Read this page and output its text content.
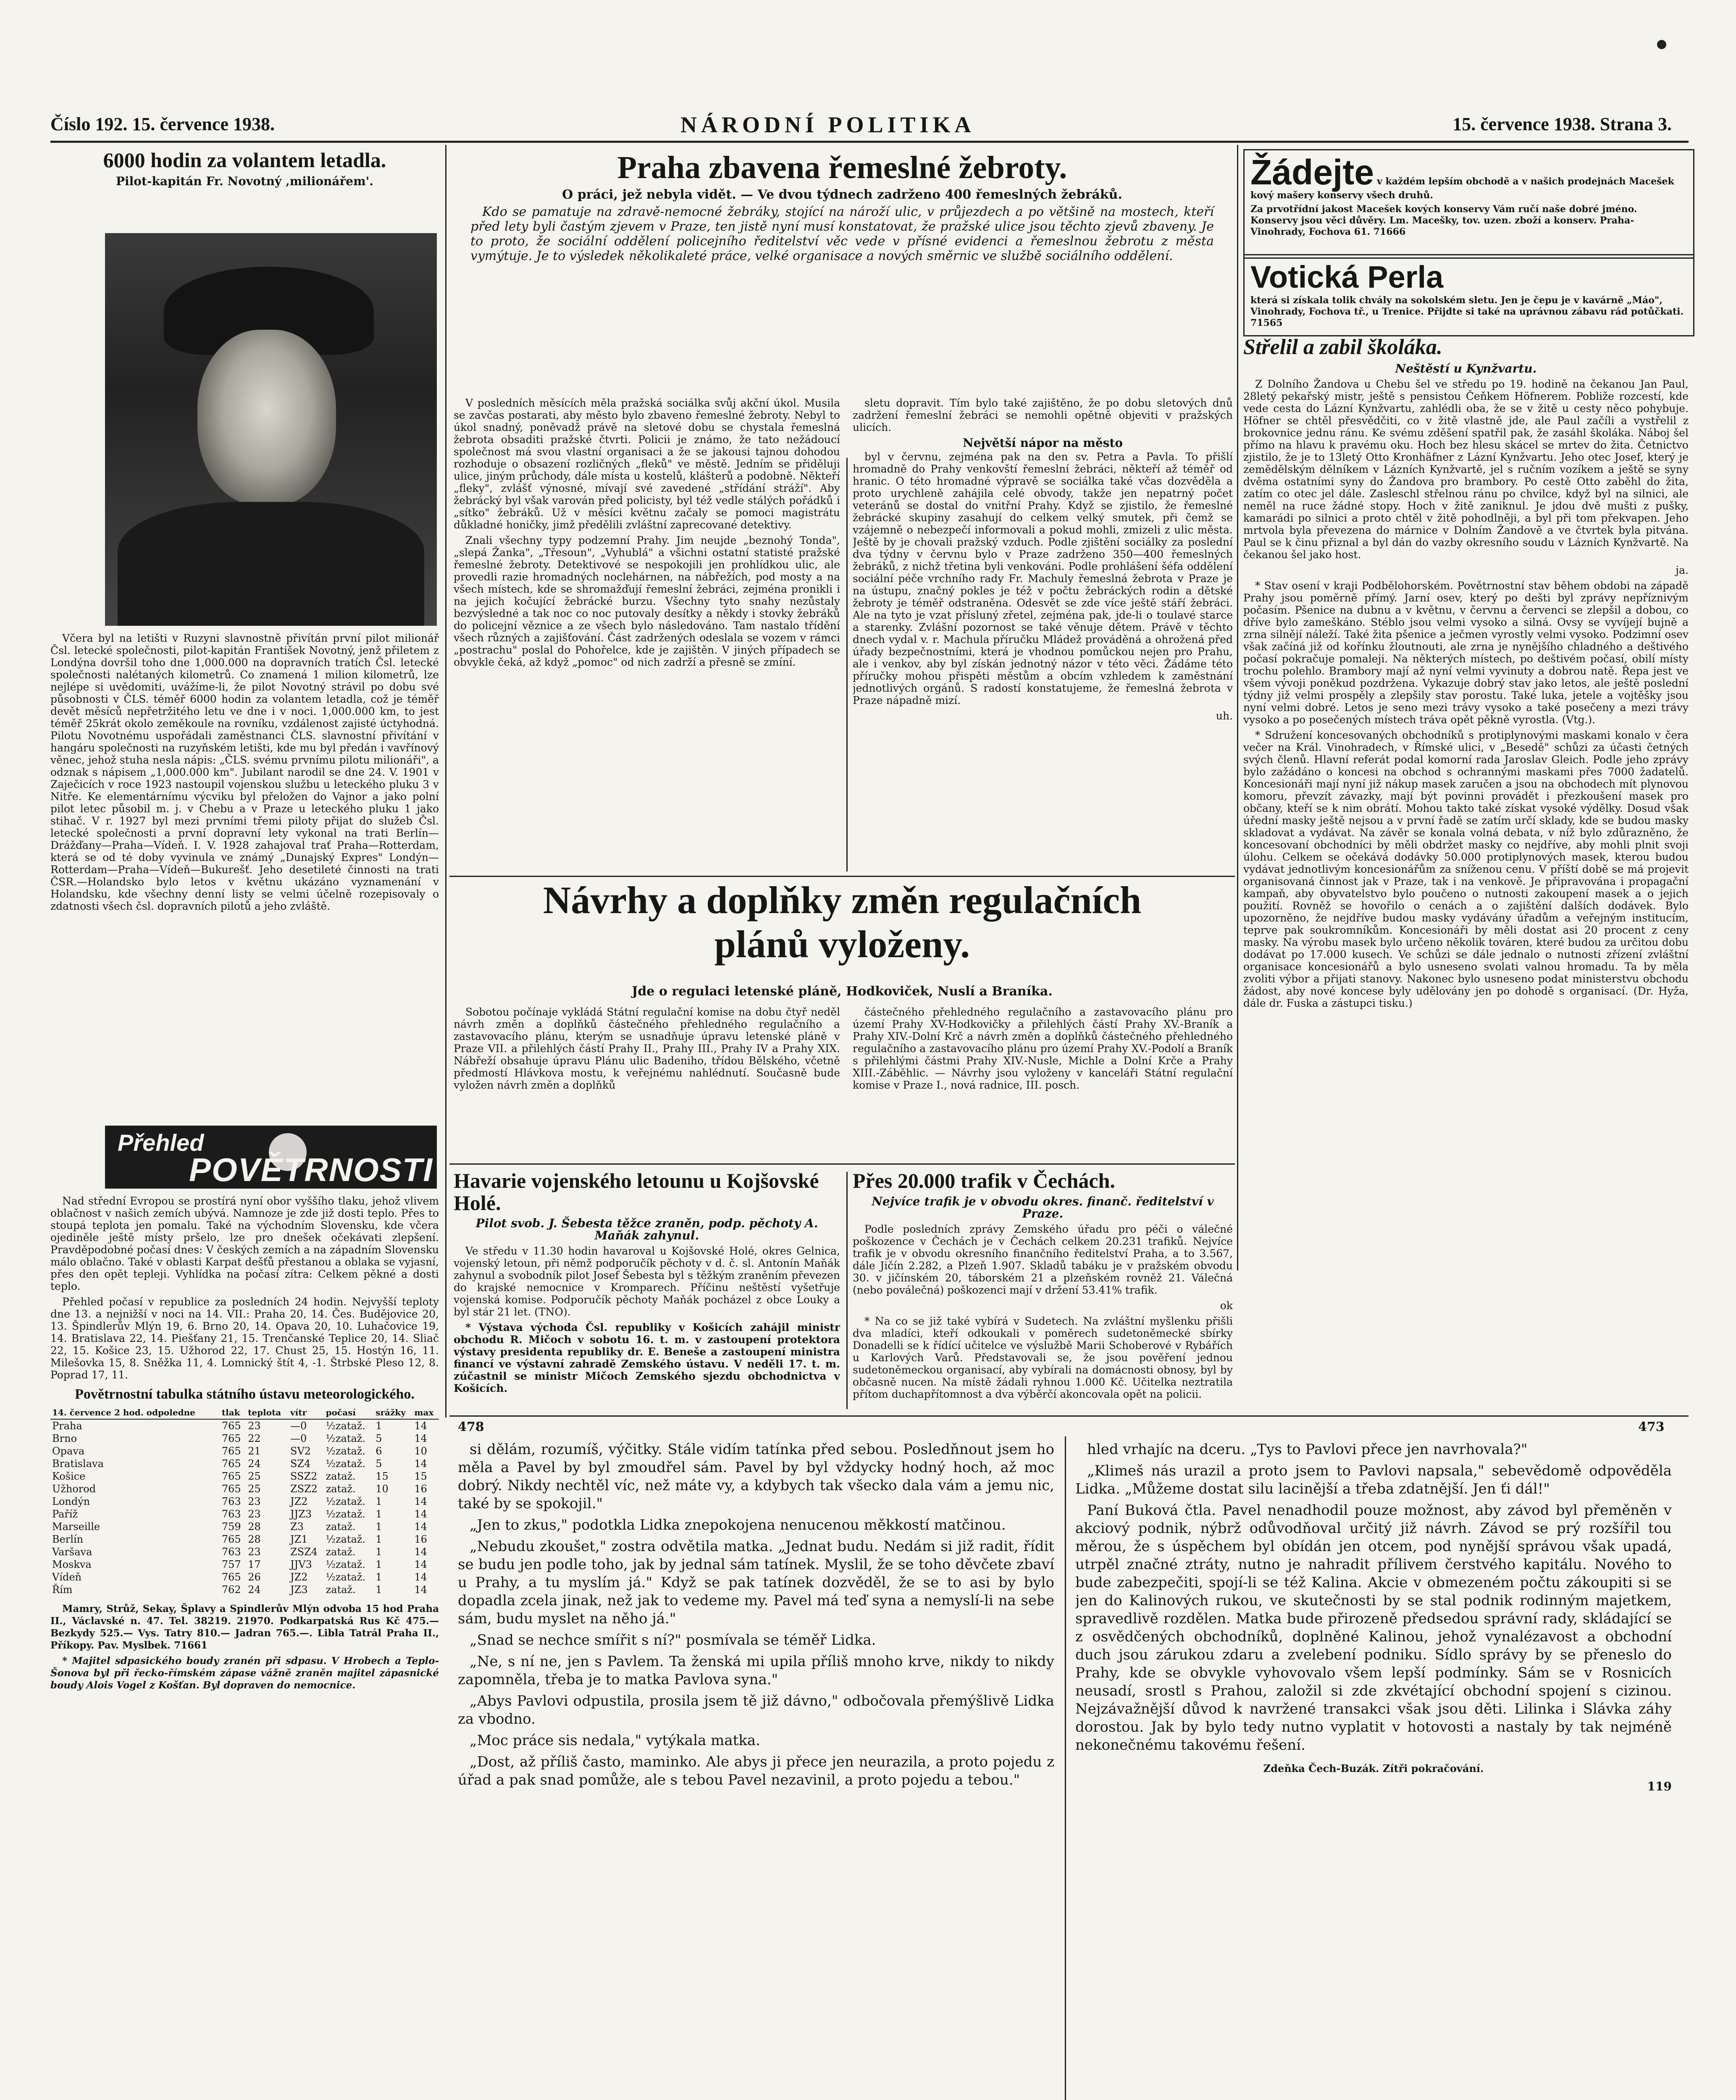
Číslo 192. 15. července 1938.	NÁRODNÍ POLITIKA	15. července 1938. Strana 3.

6000 hodin za volantem letadla.

Pilot-kapitán Fr. Novotný ‚milionářem'.

Včera byl na letišti v Ruzyni slavnostně přivítán první pilot milionář Čsl. letecké společnosti, pilot-kapitán František Novotný, jenž přiletem z Londýna dovršil toho dne 1,000.000 na dopravních tratích Čsl. letecké společnosti nalétaných kilometrů. Co znamená 1 milion kilometrů, lze nejlépe si uvědomiti, uvážíme-li, že pilot Novotný strávil po dobu své působnosti v ČLS. téměř 6000 hodin za volantem letadla, což je téměř devět měsíců nepřetržitého letu ve dne i v noci. 1,000.000 km, to jest téměř 25krát okolo zeměkoule na rovníku, vzdálenost zajisté úctyhodná. Pilotu Novotnému uspořádali zaměstnanci ČLS. slavnostní přivítání v hangáru společnosti na ruzyňském letišti, kde mu byl předán i vavřínový věnec, jehož stuha nesla nápis: „ČLS. svému prvnímu pilotu milionáři", a odznak s nápisem „1,000.000 km". Jubilant narodil se dne 24. V. 1901 v Zaječicích v roce 1923 nastoupil vojenskou službu u leteckého pluku 3 v Nitře. Ke elementárnímu výcviku byl přeložen do Vajnor a jako polní pilot letec působil m. j. v Chebu a v Praze u leteckého pluku 1 jako stihač. V r. 1927 byl mezi prvními třemi piloty přijat do služeb Čsl. letecké společnosti a první dopravní lety vykonal na trati Berlín—Drážďany—Praha—Vídeň. I. V. 1928 zahajoval trať Praha—Rotterdam, která se od té doby vyvinula ve známý „Dunajský Expres" Londýn—Rotterdam—Praha—Vídeň—Bukurešť. Jeho desetileté činnosti na trati ČSR.—Holandsko bylo letos v květnu ukázáno vyznamenání v Holandsku, kde všechny denní listy se velmi účelně rozepisovaly o zdatnosti všech čsl. dopravních pilotů a jeho zvláště.

Přehled
POVĚTRNOSTI

Nad střední Evropou se prostírá nyní obor vyššího tlaku, jehož vlivem oblačnost v našich zemích ubývá. Namnoze je zde již dosti teplo. Přes to stoupá teplota jen pomalu. Také na východním Slovensku, kde včera ojediněle ještě místy pršelo, lze pro dnešek očekávati zlepšení. Pravděpodobné počasí dnes: V českých zemích a na západním Slovensku málo oblačno. Také v oblasti Karpat dešťů přestanou a oblaka se vyjasní, přes den opět tepleji. Vyhlídka na počasí zítra: Celkem pěkné a dosti teplo.

Přehled počasí v republice za posledních 24 hodin. Nejvyšší teploty dne 13. a nejnižší v noci na 14. VII.: Praha 20, 14. Čes. Budějovice 20, 13. Špindlerův Mlýn 19, 6. Brno 20, 14. Opava 20, 10. Luhačovice 19, 14. Bratislava 22, 14. Piešťany 21, 15. Trenčanské Teplice 20, 14. Sliač 22, 15. Košice 23, 15. Užhorod 22, 17. Chust 25, 15. Hostýn 16, 11. Milešovka 15, 8. Sněžka 11, 4. Lomnický štít 4, -1. Štrbské Pleso 12, 8. Poprad 17, 11.

Povětrnostní tabulka státního ústavu meteorologického.

14. července 2 hod. odpoledne	tlak	teplota	vítr	počasí	srážky	max
Praha	765	23	—0	½zataž.	1	14
Brno	765	22	—0	½zataž.	5	14
Opava	765	21	SV2	½zataž.	6	10
Bratislava	765	24	SZ4	½zataž.	5	14
Košice	765	25	SSZ2	zataž.	15	15
Užhorod	765	25	ZSZ2	zataž.	10	16
Londýn	763	23	JZ2	½zataž.	1	14
Paříž	763	23	JJZ3	½zataž.	1	14
Marseille	759	28	Z3	zataž.	1	14
Berlín	765	28	JZ1	½zataž.	1	16
Varšava	763	23	ZSZ4	zataž.	1	14
Moskva	757	17	JJV3	½zataž.	1	14
Vídeň	765	26	JZ2	½zataž.	1	14
Řím	762	24	JZ3	zataž.	1	14

Mamry, Strůž, Sekay, Šplavy a Spindlerův Mlýn odvoba 15 hod Praha II., Václavské n. 47. Tel. 38219. 21970. Podkarpatská Rus Kč 475.— Bezkydy 525.— Vys. Tatry 810.— Jadran 765.—. Libla Tatrál Praha II., Příkopy. Pav. Myslbek. 71661

* Majitel sdpasického boudy zranén při sdpasu. V Hrobech a Teplo-Šonova byl při řecko-římském zápase vážně zraněn majitel zápasnické boudy Alois Vogel z Košťan. Byl dopraven do nemocnice.

Praha zbavena řemeslné žebroty.

O práci, jež nebyla vidět. — Ve dvou týdnech zadrženo 400 řemeslných žebráků.

Kdo se pamatuje na zdravě-nemocné žebráky, stojící na nároží ulic, v průjezdech a po většině na mostech, kteří před lety byli častým zjevem v Praze, ten jistě nyní musí konstatovat, že pražské ulice jsou těchto zjevů zbaveny. Je to proto, že sociální oddělení policejního ředitelství věc vede v přísné evidenci a řemeslnou žebrotu z města vymýtuje. Je to výsledek několikaleté práce, velké organisace a nových směrnic ve službě sociálního oddělení.

V posledních měsících měla pražská sociálka svůj akční úkol. Musila se zavčas postarati, aby město bylo zbaveno řemeslné žebroty. Nebyl to úkol snadný, poněvadž právě na sletové dobu se chystala řemeslná žebrota obsaditi pražské čtvrti. Policii je známo, že tato nežádoucí společnost má svou vlastní organisaci a že se jakousi tajnou dohodou rozhoduje o obsazení rozličných „fleků" ve městě. Jedním se přiděluji ulice, jiným průchody, dále místa u kostelů, klášterů a podobně. Někteří „fleky", zvlášť výnosné, mívají své zavedené „střídání stráží". Aby žebrácký byl však varován před policisty, byl též vedle stálých pořádků i „sítko" žebráků. Už v měsíci květnu začaly se pomoci magistrátu důkladné honičky, jimž předělili zvláštní zaprecované detektivy.

Znali všechny typy podzemní Prahy. Jim neujde „beznohý Tonda", „slepá Žanka", „Třesoun", „Vyhublá" a všichni ostatní statisté pražské řemeslné žebroty. Detektivové se nespokojili jen prohlídkou ulic, ale provedli razie hromadných noclehárnen, na nábřežích, pod mosty a na všech místech, kde se shromažďují řemeslní žebráci, zejména pronikli i na jejich kočující žebrácké burzu. Všechny tyto snahy nezůstaly bezvýsledné a tak noc co noc putovaly desítky a někdy i stovky žebráků do policejní věznice a ze všech bylo následováno. Tam nastalo třídění všech různých a zajišťování. Část zadržených odeslala se vozem v rámci „postrachu" poslal do Pohořelce, kde je zajištěn. V jiných případech se obvykle čeká, až když „pomoc" od nich zadrží a přesně se zmíní.

sletu dopravit. Tím bylo také zajištěno, že po dobu sletových dnů zadržení řemeslní žebráci se nemohli opětně objeviti v pražských ulicích.

Největší nápor na město

byl v červnu, zejména pak na den sv. Petra a Pavla. To přišlí hromadně do Prahy venkovští řemeslní žebráci, někteří až téměř od hranic. O této hromadné výpravě se sociálka také včas dozvěděla a proto urychleně zahájila celé obvody, takže jen nepatrný počet veteránů se dostal do vnitřní Prahy. Když se zjistilo, že řemeslné žebrácké skupiny zasahují do celkem velký smutek, při čemž se vzájemně o nebezpečí informovali a pokud mohli, zmizeli z ulic města. Ještě by je chovali pražský vzduch. Podle zjištění sociálky za poslední dva týdny v červnu bylo v Praze zadrženo 350—400 řemeslných žebráků, z nichž třetina byli venkováni. Podle prohlášení šéfa oddělení sociální péče vrchního rady Fr. Machuly řemeslná žebrota v Praze je na ústupu, značný pokles je též v počtu žebráckých rodin a dětské žebroty je téměř odstraněna. Odesvět se zde více ještě stáří žebráci. Ale na tyto je vzat přísluný zřetel, zejména pak, jde-li o toulavé starce a starenky. Zvlášní pozornost se také věnuje dětem. Právě v těchto dnech vydal v. r. Machula příručku Mládež prováděná a ohrožená před úřady bezpečnostními, která je vhodnou pomůckou nejen pro Prahu, ale i venkov, aby byl získán jednotný názor v této věci. Žádáme této příručky mohou přispěti městům a obcím vzhledem k zaměstnání jednotlivých orgánů. S radostí konstatujeme, že řemeslná žebrota v Praze nápadně mizí.

uh.

Návrhy a doplňky změn regulačních

plánů vyloženy.

Jde o regulaci letenské pláně, Hodkoviček, Nuslí a Braníka.

Sobotou počínaje vykládá Státní regulační komise na dobu čtyř neděl návrh změn a doplňků částečného přehledného regulačního a zastavovacího plánu, kterým se usnadňuje úpravu letenské pláně v Praze VII. a přilehlých částí Prahy II., Prahy III., Prahy IV a Prahy XIX. Nábřeží obsahuje úpravu Plánu ulic Badeniho, třídou Bělského, včetně předmostí Hlávkova mostu, k veřejnému nahlédnutí. Současně bude vyložen návrh změn a doplňků

částečného přehledného regulačního a zastavovacího plánu pro území Prahy XV-Hodkovičky a přilehlých částí Prahy XV.-Braník a Prahy XIV.-Dolní Krč a návrh změn a doplňků částečného přehledného regulačního a zastavovacího plánu pro území Prahy XV.-Podolí a Braník s přilehlými částmi Prahy XIV.-Nusle, Michle a Dolní Krče a Prahy XIII.-Záběhlic. — Návrhy jsou vyloženy v kanceláři Státní regulační komise v Praze I., nová radnice, III. posch.

Havarie vojenského letounu u Kojšovské Holé.

Pilot svob. J. Šebesta těžce zraněn, podp. pěchoty A. Maňák zahynul.

Ve středu v 11.30 hodin havaroval u Kojšovské Holé, okres Gelnica, vojenský letoun, při němž podporučík pěchoty v d. č. sl. Antonín Maňák zahynul a svobodník pilot Josef Šebesta byl s těžkým zraněním převezen do krajské nemocnice v Kromparech. Příčinu neštěstí vyšetřuje vojenská komise. Podporučík pěchoty Maňák pocházel z obce Louky a byl stár 21 let. (TNO).

* Výstava východa Čsl. republiky v Košicích zahájil ministr obchodu R. Mičoch v sobotu 16. t. m. v zastoupení protektora výstavy presidenta republiky dr. E. Beneše a zastoupení ministra financí ve výstavní zahradě Zemského ústavu. V neděli 17. t. m. zúčastnil se ministr Mičoch Zemského sjezdu obchodnictva v Košicích.

Přes 20.000 trafik v Čechách.

Nejvíce trafik je v obvodu okres. finanč. ředitelství v Praze.

Podle posledních zprávy Zemského úřadu pro péči o válečné poškozence v Čechách je v Čechách celkem 20.231 trafiků. Nejvíce trafik je v obvodu okresního finančního ředitelství Praha, a to 3.567, dále Jičín 2.282, a Plzeň 1.907. Skladů tabáku je v pražském obvodu 30. v jičínském 20, táborském 21 a plzeňském rovněž 21. Válečná (nebo poválečná) poškozenci mají v držení 53.41% trafik.

ok

* Na co se již také vybírá v Sudetech. Na zvláštní myšlenku přišli dva mladíci, kteří odkoukali v poměrech sudetoněmecké sbírky Donadelli se k řídící učitelce ve výslužbě Marii Schoberové v Rybářích u Karlových Varů. Představovali se, že jsou pověření jednou sudetoněmeckou organisací, aby vybírali na domácnosti obnosy, byl by občasně nucen. Na místě žádali ryhnou 1.000 Kč. Učitelka neztratila přítom duchapřítomnost a dva výběrčí akoncovala opět na policii.

Žádejte v každém lepším obchodě a v našich prodejnách Macešek kový mašery konservy všech druhů.
Za prvotřídní jakost Macešek kových konservy Vám ručí naše dobré jméno. Konservy jsou věci důvěry. Lm. Macešky, tov. uzen. zboží a konserv. Praha-Vinohrady, Fochova 61. 71666
Votická Perla
která si získala tolik chvály na sokolském sletu. Jen je čepu je v kavárně „Máo", Vinohrady, Fochova tř., u Trenice. Přijdte si také na uprávnou zábavu rád potůčkati. 71565

Střelil a zabil školáka.

Neštěstí u Kynžvartu.

Z Dolního Žandova u Chebu šel ve středu po 19. hodině na čekanou Jan Paul, 28letý pekařský mistr, ještě s pensistou Čeňkem Höfnerem. Pobliže rozcestí, kde vede cesta do Lázní Kynžvartu, zahlédli oba, že se v žitě u cesty něco pohybuje. Höfner se chtěl přesvědčiti, co v žitě vlastně jde, ale Paul začíli a vystřelil z brokovnice jednu ránu. Ke svému zděšení spatřil pak, že zasáhl školáka. Náboj šel přímo na hlavu k pravému oku. Hoch bez hlesu skácel se mrtev do žita. Četnictvo zjistilo, že je to 13letý Otto Kronhäfner z Lázní Kynžvartu. Jeho otec Josef, který je zemědělským dělníkem v Lázních Kynžvartě, jel s ručním vozíkem a ještě se syny dvěma ostatními syny do Žandova pro brambory. Po cestě Otto zaběhl do žita, zatím co otec jel dále. Zasleschl střelnou ránu po chvilce, když byl na silnici, ale neměl na ruce žádné stopy. Hoch v žitě zaniknul. Je jdou dvě mušti z pušky, kamarádi po silnici a proto chtěl v žitě pohodlněji, a byl při tom překvapen. Jeho mrtvola byla převezena do márnice v Dolním Žandově a ve čtvrtek byla pitvána. Paul se k činu přiznal a byl dán do vazby okresního soudu v Lázních Kynžvartě. Na čekanou šel jako host.

ja.

* Stav osení v kraji Podbělohorském. Povětrnostní stav během obdobi na západě Prahy jsou poměrně přímý. Jarní osev, který po dešti byl zprávy nepříznivým počasím. Pšenice na dubnu a v květnu, v červnu a červenci se zlepšil a dobou, co dříve bylo zameškáno. Stéblo jsou velmi vysoko a silná. Ovsy se vyvíjejí bujně a zrna silnějí náleží. Také žita pšenice a ječmen vyrostly velmi vysoko. Podzimní osev však začíná již od kořínku žloutnouti, ale zrna je nynějšího chladného a deštivého počasí pokračuje pomaleji. Na některých místech, po deštivém počasí, obilí místy trochu polehlo. Brambory mají až nyní velmi vyvinuty a dobrou natě. Řepa jest ve všem vývoji poněkud pozdržena. Vykazuje dobrý stav jako letos, ale ještě poslední týdny již velmi prospěly a zlepšily stav porostu. Také luka, jetele a vojtěšky jsou nyní velmi dobré. Letos je seno mezi trávy vysoko a také posečeny a mezi trávy vysoko a po posečených místech tráva opět pěkně vyrostla. (Vtg.).

* Sdružení koncesovaných obchodníků s protiplynovými maskami konalo v čera večer na Král. Vinohradech, v Římské ulici, v „Besedě" schůzi za účasti četných svých členů. Hlavní referát podal komorní rada Jaroslav Gleich. Podle jeho zprávy bylo zažádáno o koncesi na obchod s ochrannými maskami přes 7000 žadatelů. Koncesionáři mají nyní již nákup masek zaručen a jsou na obchodech mít plynovou komoru, převzít závazky, mají být povinni provádět i přezkoušení masek pro občany, kteří se k nim obrátí. Mohou takto také získat vysoké výdělky. Dosud však úřední masky ještě nejsou a v první řadě se zatím určí sklady, kde se budou masky skladovat a vydávat. Na závěr se konala volná debata, v níž bylo zdůrazněno, že koncesovaní obchodníci by měli obdržet masky co nejdříve, aby mohli plnit svoji úlohu. Celkem se očekává dodávky 50.000 protiplynových masek, kterou budou vydávat jednotlivým koncesionářům za sníženou cenu. V příští době se má projevit organisovaná činnost jak v Praze, tak i na venkově. Je připravována i propagační kampaň, aby obyvatelstvo bylo poučeno o nutnosti zakoupení masek a o jejich použití. Rovněž se hovořilo o cenách a o zajištění dalších dodávek. Bylo upozorněno, že nejdříve budou masky vydávány úřadům a veřejným institucím, teprve pak soukromníkům. Koncesionáři by měli dostat asi 20 procent z ceny masky. Na výrobu masek bylo určeno několik továren, které budou za určitou dobu dodávat po 17.000 kusech. Ve schůzi se dále jednalo o nutnosti zřízení zvláštní organisace koncesionářů a bylo usneseno svolati valnou hromadu. Ta by měla zvoliti výbor a přijati stanovy. Nakonec bylo usneseno podat ministerstvu obchodu žádost, aby nové koncese byly udělovány jen po dohodě s organisací. (Dr. Hyža, dále dr. Fuska a zástupci tisku.)

478	473

si dělám, rozumíš, výčitky. Stále vidím tatínka před sebou. Posledňnout jsem ho měla a Pavel by byl zmoudřel sám. Pavel by byl vždycky hodný hoch, až moc dobrý. Nikdy nechtěl víc, než máte vy, a kdybych tak všecko dala vám a jemu nic, také by se spokojil."

„Jen to zkus," podotkla Lidka znepokojena nenucenou měkkostí matčinou.

„Nebudu zkoušet," zostra odvětila matka. „Jednat budu. Nedám si již radit, řídit se budu jen podle toho, jak by jednal sám tatínek. Myslil, že se toho děvčete zbaví u Prahy, a tu myslím já." Když se pak tatínek dozvěděl, že se to asi by bylo dopadla zcela jinak, než jak to vedeme my. Pavel má teď syna a nemyslí-li na sebe sám, budu myslet na něho já."

„Snad se nechce smířit s ní?" posmívala se téměř Lidka.

„Ne, s ní ne, jen s Pavlem. Ta ženská mi upila příliš mnoho krve, nikdy to nikdy zapomněla, třeba je to matka Pavlova syna."

„Abys Pavlovi odpustila, prosila jsem tě již dávno," odbočovala přemýšlivě Lidka za vbodno.

„Moc práce sis nedala," vytýkala matka.

„Dost, až příliš často, maminko. Ale abys ji přece jen neurazila, a proto pojedu z úřad a pak snad pomůže, ale s tebou Pavel nezavinil, a proto pojedu a tebou."

hled vrhajíc na dceru. „Tys to Pavlovi přece jen navrhovala?"

„Klimeš nás urazil a proto jsem to Pavlovi napsala," sebevědomě odpověděla Lidka. „Můžeme dostat silu lacinější a třeba zdatnější. Jen ťi dál!"

Paní Buková čtla. Pavel nenadhodil pouze možnost, aby závod byl přeměněn v akciový podnik, nýbrž odůvodňoval určitý již návrh. Závod se prý rozšířil tou měrou, že s úspěchem byl obídán jen otcem, pod nynější správou však upadá, utrpěl značné ztráty, nutno je nahradit přílivem čerstvého kapitálu. Nového to bude zabezpečiti, spojí-li se též Kalina. Akcie v obmezeném počtu zákoupiti si se jen do Kalinových rukou, ve skutečnosti by se stal podnik rodinným majetkem, spravedlivě rozdělen. Matka bude přirozeně předsedou správní rady, skládající se z osvědčených obchodníků, doplněné Kalinou, jehož vynalézavost a obchodní duch jsou zárukou zdaru a zvelebení podniku. Sídlo správy by se přeneslo do Prahy, kde se obvykle vyhovovalo všem lepší podmínky. Sám se v Rosnicích neusadí, srostl s Prahou, založil si zde zkvétající obchodní spojení s cizinou. Nejzávažnější důvod k navržené transakci však jsou děti. Lilinka i Slávka záhy dorostou. Jak by bylo tedy nutno vyplatit v hotovosti a nastaly by tak nejméně nekonečnému takovému řešení.

Zdeňka Čech-Buzák. Zítři pokračování.
119
